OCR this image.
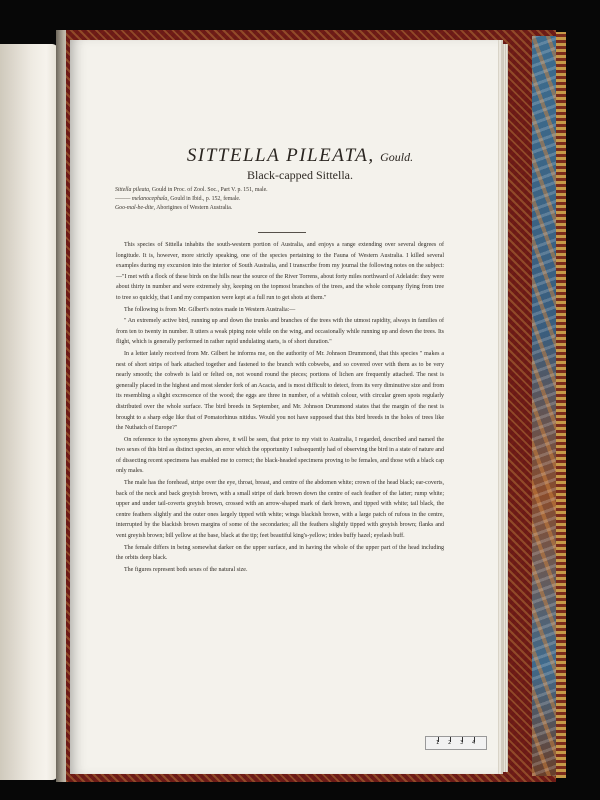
SITTELLA PILEATA, Gould.
Black-capped Sittella.
Sittella pileata, Gould in Proc. of Zool. Soc., Part V. p. 151, male.
——— melanocephala, Gould in Ibid., p. 152, female.
Goo-mal-be-dite, Aborigines of Western Australia.

This species of Sittella inhabits the south-western portion of Australia, and enjoys a range extending over several degrees of longitude. It is, however, more strictly speaking, one of the species pertaining to the Fauna of Western Australia. I killed several examples during my excursion into the interior of South Australia, and I transcribe from my journal the following notes on the subject:—"I met with a flock of these birds on the hills near the source of the River Torrens, about forty miles northward of Adelaide: they were about thirty in number and were extremely shy, keeping on the topmost branches of the trees, and the whole company flying from tree to tree so quickly, that I and my companion were kept at a full run to get shots at them."

The following is from Mr. Gilbert's notes made in Western Australia:—

" An extremely active bird, running up and down the trunks and branches of the trees with the utmost rapidity, always in families of from ten to twenty in number. It utters a weak piping note while on the wing, and occasionally while running up and down the trees. Its flight, which is generally performed in rather rapid undulating starts, is of short duration."

In a letter lately received from Mr. Gilbert he informs me, on the authority of Mr. Johnson Drummond, that this species " makes a nest of short strips of bark attached together and fastened to the branch with cobwebs, and so covered over with them as to be very nearly smooth; the cobweb is laid or felted on, not wound round the pieces; portions of lichen are frequently attached. The nest is generally placed in the highest and most slender fork of an Acacia, and is most difficult to detect, from its very diminutive size and from its resembling a slight excrescence of the wood; the eggs are three in number, of a whitish colour, with circular green spots regularly distributed over the whole surface. The bird breeds in September, and Mr. Johnson Drummond states that the margin of the nest is brought to a sharp edge like that of Pomatorhinus nitidus. Would you not have supposed that this bird breeds in the holes of trees like the Nuthatch of Europe?"

On reference to the synonyms given above, it will be seen, that prior to my visit to Australia, I regarded, described and named the two sexes of this bird as distinct species, an error which the opportunity I subsequently had of observing the bird in a state of nature and of dissecting recent specimens has enabled me to correct; the black-headed specimens proving to be females, and those with a black cap only males.

The male has the forehead, stripe over the eye, throat, breast, and centre of the abdomen white; crown of the head black; ear-coverts, back of the neck and back greyish brown, with a small stripe of dark brown down the centre of each feather of the latter; rump white; upper and under tail-coverts greyish brown, crossed with an arrow-shaped mark of dark brown, and tipped with white; tail black, the centre feathers slightly and the outer ones largely tipped with white; wings blackish brown, with a large patch of rufous in the centre, interrupted by the blackish brown margins of some of the secondaries; all the feathers slightly tipped with greyish brown; flanks and vent greyish brown; bill yellow at the base, black at the tip; feet beautiful king's-yellow; irides buffy hazel; eyelash buff.

The female differs in being somewhat darker on the upper surface, and in having the whole of the upper part of the head including the orbits deep black.

The figures represent both sexes of the natural size.

1 2 3 4
